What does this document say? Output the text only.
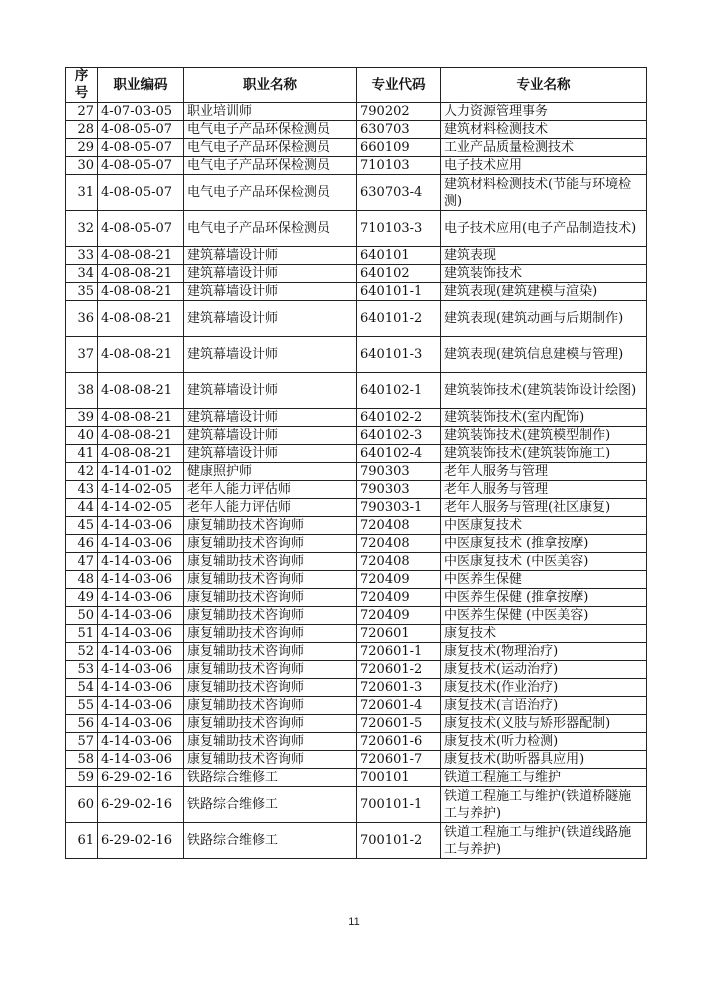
序号	职业编码	职业名称	专业代码	专业名称
27	4-07-03-05	职业培训师	790202	人力资源管理事务
28	4-08-05-07	电气电子产品环保检测员	630703	建筑材料检测技术
29	4-08-05-07	电气电子产品环保检测员	660109	工业产品质量检测技术
30	4-08-05-07	电气电子产品环保检测员	710103	电子技术应用
31	4-08-05-07	电气电子产品环保检测员	630703-4	建筑材料检测技术(节能与环境检测)
32	4-08-05-07	电气电子产品环保检测员	710103-3	电子技术应用(电子产品制造技术)
33	4-08-08-21	建筑幕墙设计师	640101	建筑表现
34	4-08-08-21	建筑幕墙设计师	640102	建筑装饰技术
35	4-08-08-21	建筑幕墙设计师	640101-1	建筑表现(建筑建模与渲染)
36	4-08-08-21	建筑幕墙设计师	640101-2	建筑表现(建筑动画与后期制作)
37	4-08-08-21	建筑幕墙设计师	640101-3	建筑表现(建筑信息建模与管理)
38	4-08-08-21	建筑幕墙设计师	640102-1	建筑装饰技术(建筑装饰设计绘图)
39	4-08-08-21	建筑幕墙设计师	640102-2	建筑装饰技术(室内配饰)
40	4-08-08-21	建筑幕墙设计师	640102-3	建筑装饰技术(建筑模型制作)
41	4-08-08-21	建筑幕墙设计师	640102-4	建筑装饰技术(建筑装饰施工)
42	4-14-01-02	健康照护师	790303	老年人服务与管理
43	4-14-02-05	老年人能力评估师	790303	老年人服务与管理
44	4-14-02-05	老年人能力评估师	790303-1	老年人服务与管理(社区康复)
45	4-14-03-06	康复辅助技术咨询师	720408	中医康复技术
46	4-14-03-06	康复辅助技术咨询师	720408	中医康复技术 (推拿按摩)
47	4-14-03-06	康复辅助技术咨询师	720408	中医康复技术 (中医美容)
48	4-14-03-06	康复辅助技术咨询师	720409	中医养生保健
49	4-14-03-06	康复辅助技术咨询师	720409	中医养生保健 (推拿按摩)
50	4-14-03-06	康复辅助技术咨询师	720409	中医养生保健 (中医美容)
51	4-14-03-06	康复辅助技术咨询师	720601	康复技术
52	4-14-03-06	康复辅助技术咨询师	720601-1	康复技术(物理治疗)
53	4-14-03-06	康复辅助技术咨询师	720601-2	康复技术(运动治疗)
54	4-14-03-06	康复辅助技术咨询师	720601-3	康复技术(作业治疗)
55	4-14-03-06	康复辅助技术咨询师	720601-4	康复技术(言语治疗)
56	4-14-03-06	康复辅助技术咨询师	720601-5	康复技术(义肢与矫形器配制)
57	4-14-03-06	康复辅助技术咨询师	720601-6	康复技术(听力检测)
58	4-14-03-06	康复辅助技术咨询师	720601-7	康复技术(助听器具应用)
59	6-29-02-16	铁路综合维修工	700101	铁道工程施工与维护
60	6-29-02-16	铁路综合维修工	700101-1	铁道工程施工与维护(铁道桥隧施工与养护)
61	6-29-02-16	铁路综合维修工	700101-2	铁道工程施工与维护(铁道线路施工与养护)
11
